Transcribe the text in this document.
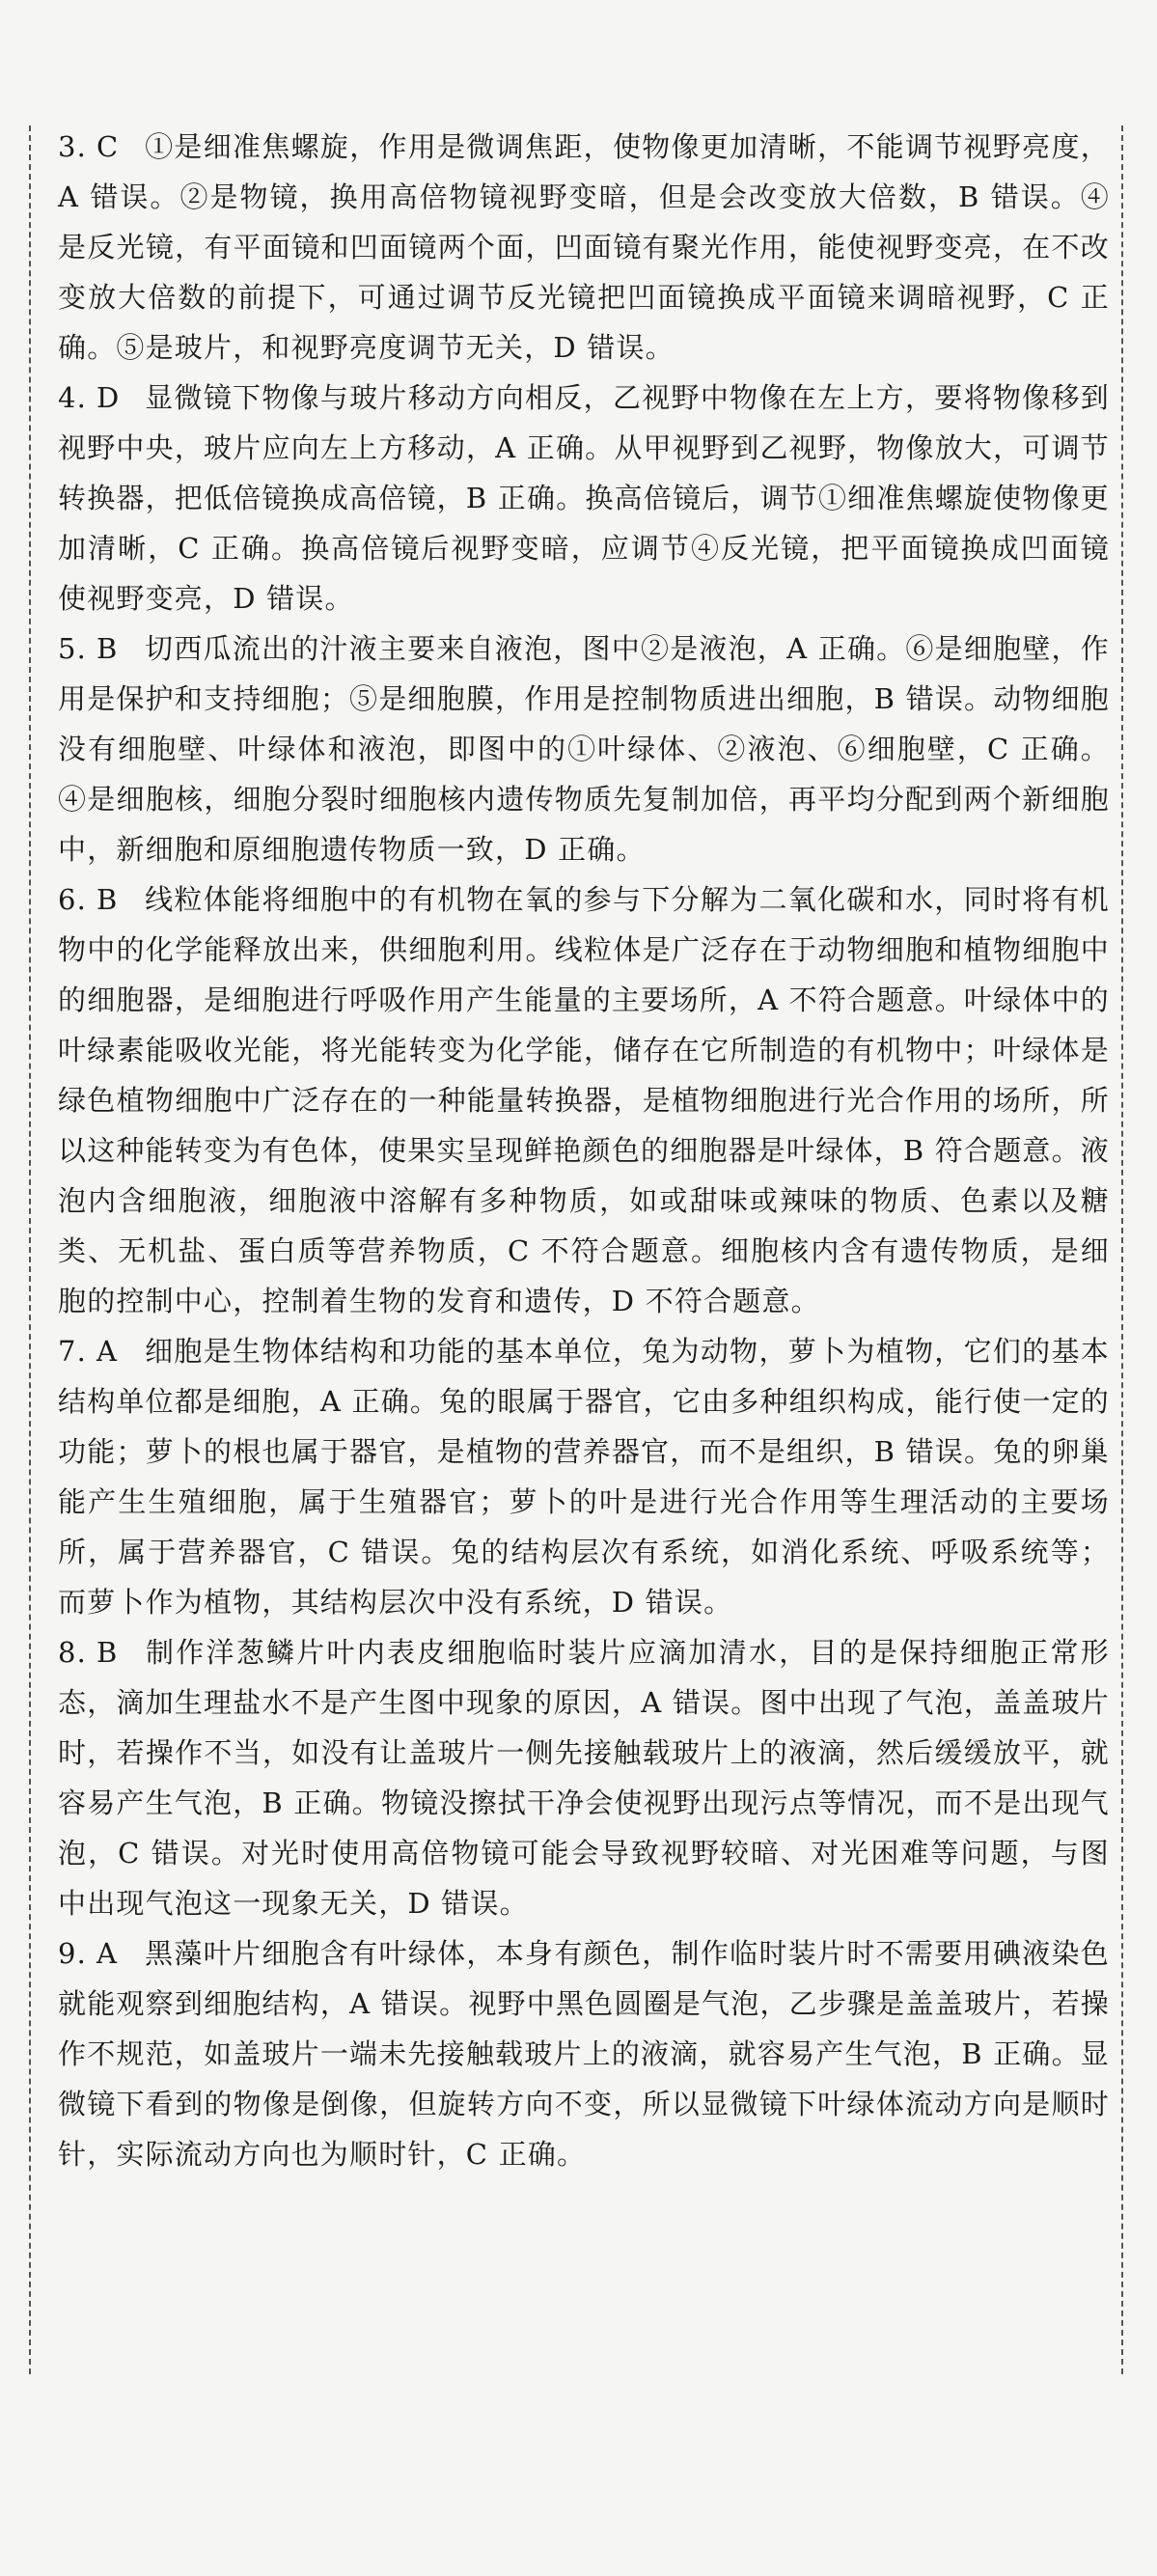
3. C ①是细准焦螺旋，作用是微调焦距，使物像更加清晰，不能调节视野亮度，A 错误。②是物镜，换用高倍物镜视野变暗，但是会改变放大倍数，B 错误。④是反光镜，有平面镜和凹面镜两个面，凹面镜有聚光作用，能使视野变亮，在不改变放大倍数的前提下，可通过调节反光镜把凹面镜换成平面镜来调暗视野，C 正确。⑤是玻片，和视野亮度调节无关，D 错误。
4. D 显微镜下物像与玻片移动方向相反，乙视野中物像在左上方，要将物像移到视野中央，玻片应向左上方移动，A 正确。从甲视野到乙视野，物像放大，可调节转换器，把低倍镜换成高倍镜，B 正确。换高倍镜后，调节①细准焦螺旋使物像更加清晰，C 正确。换高倍镜后视野变暗，应调节④反光镜，把平面镜换成凹面镜使视野变亮，D 错误。
5. B 切西瓜流出的汁液主要来自液泡，图中②是液泡，A 正确。⑥是细胞壁，作用是保护和支持细胞；⑤是细胞膜，作用是控制物质进出细胞，B 错误。动物细胞没有细胞壁、叶绿体和液泡，即图中的①叶绿体、②液泡、⑥细胞壁，C 正确。④是细胞核，细胞分裂时细胞核内遗传物质先复制加倍，再平均分配到两个新细胞中，新细胞和原细胞遗传物质一致，D 正确。
6. B 线粒体能将细胞中的有机物在氧的参与下分解为二氧化碳和水，同时将有机物中的化学能释放出来，供细胞利用。线粒体是广泛存在于动物细胞和植物细胞中的细胞器，是细胞进行呼吸作用产生能量的主要场所，A 不符合题意。叶绿体中的叶绿素能吸收光能，将光能转变为化学能，储存在它所制造的有机物中；叶绿体是绿色植物细胞中广泛存在的一种能量转换器，是植物细胞进行光合作用的场所，所以这种能转变为有色体，使果实呈现鲜艳颜色的细胞器是叶绿体，B 符合题意。液泡内含细胞液，细胞液中溶解有多种物质，如或甜味或辣味的物质、色素以及糖类、无机盐、蛋白质等营养物质，C 不符合题意。细胞核内含有遗传物质，是细胞的控制中心，控制着生物的发育和遗传，D 不符合题意。
7. A 细胞是生物体结构和功能的基本单位，兔为动物，萝卜为植物，它们的基本结构单位都是细胞，A 正确。兔的眼属于器官，它由多种组织构成，能行使一定的功能；萝卜的根也属于器官，是植物的营养器官，而不是组织，B 错误。兔的卵巢能产生生殖细胞，属于生殖器官；萝卜的叶是进行光合作用等生理活动的主要场所，属于营养器官，C 错误。兔的结构层次有系统，如消化系统、呼吸系统等；而萝卜作为植物，其结构层次中没有系统，D 错误。
8. B 制作洋葱鳞片叶内表皮细胞临时装片应滴加清水，目的是保持细胞正常形态，滴加生理盐水不是产生图中现象的原因，A 错误。图中出现了气泡，盖盖玻片时，若操作不当，如没有让盖玻片一侧先接触载玻片上的液滴，然后缓缓放平，就容易产生气泡，B 正确。物镜没擦拭干净会使视野出现污点等情况，而不是出现气泡，C 错误。对光时使用高倍物镜可能会导致视野较暗、对光困难等问题，与图中出现气泡这一现象无关，D 错误。
9. A 黑藻叶片细胞含有叶绿体，本身有颜色，制作临时装片时不需要用碘液染色就能观察到细胞结构，A 错误。视野中黑色圆圈是气泡，乙步骤是盖盖玻片，若操作不规范，如盖玻片一端未先接触载玻片上的液滴，就容易产生气泡，B 正确。显微镜下看到的物像是倒像，但旋转方向不变，所以显微镜下叶绿体流动方向是顺时针，实际流动方向也为顺时针，C 正确。
